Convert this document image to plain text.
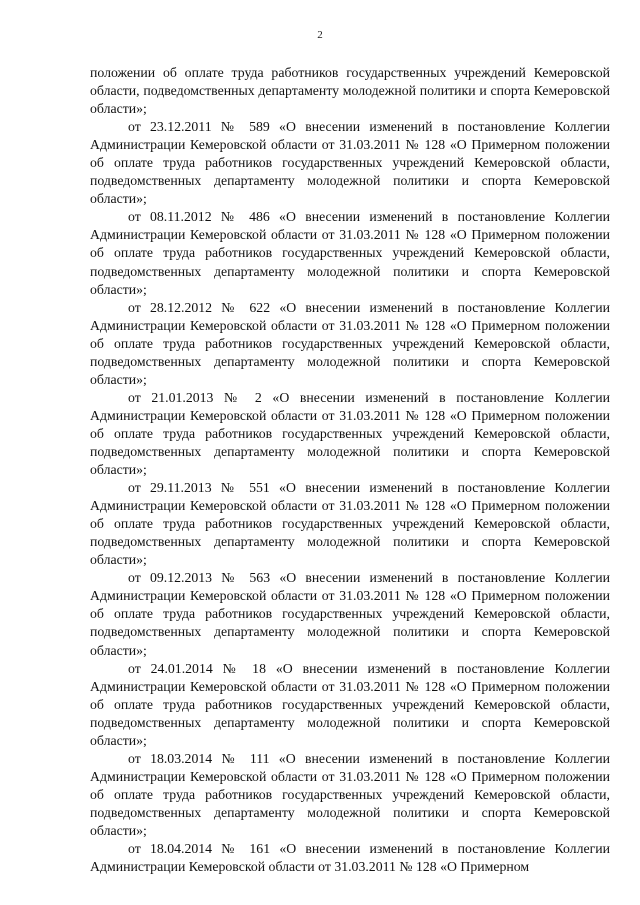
2

положении об оплате труда работников государственных учреждений Кемеровской области, подведомственных департаменту молодежной политики и спорта Кемеровской области»;

от 23.12.2011 № 589 «О внесении изменений в постановление Коллегии Администрации Кемеровской области от 31.03.2011 № 128 «О Примерном положении об оплате труда работников государственных учреждений Кемеровской области, подведомственных департаменту молодежной политики и спорта Кемеровской области»;

от 08.11.2012 № 486 «О внесении изменений в постановление Коллегии Администрации Кемеровской области от 31.03.2011 № 128 «О Примерном положении об оплате труда работников государственных учреждений Кемеровской области, подведомственных департаменту молодежной политики и спорта Кемеровской области»;

от 28.12.2012 № 622 «О внесении изменений в постановление Коллегии Администрации Кемеровской области от 31.03.2011 № 128 «О Примерном положении об оплате труда работников государственных учреждений Кемеровской области, подведомственных департаменту молодежной политики и спорта Кемеровской области»;

от 21.01.2013 № 2 «О внесении изменений в постановление Коллегии Администрации Кемеровской области от 31.03.2011 № 128 «О Примерном положении об оплате труда работников государственных учреждений Кемеровской области, подведомственных департаменту молодежной политики и спорта Кемеровской области»;

от 29.11.2013 № 551 «О внесении изменений в постановление Коллегии Администрации Кемеровской области от 31.03.2011 № 128 «О Примерном положении об оплате труда работников государственных учреждений Кемеровской области, подведомственных департаменту молодежной политики и спорта Кемеровской области»;

от 09.12.2013 № 563 «О внесении изменений в постановление Коллегии Администрации Кемеровской области от 31.03.2011 № 128 «О Примерном положении об оплате труда работников государственных учреждений Кемеровской области, подведомственных департаменту молодежной политики и спорта Кемеровской области»;

от 24.01.2014 № 18 «О внесении изменений в постановление Коллегии Администрации Кемеровской области от 31.03.2011 № 128 «О Примерном положении об оплате труда работников государственных учреждений Кемеровской области, подведомственных департаменту молодежной политики и спорта Кемеровской области»;

от 18.03.2014 № 111 «О внесении изменений в постановление Коллегии Администрации Кемеровской области от 31.03.2011 № 128 «О Примерном положении об оплате труда работников государственных учреждений Кемеровской области, подведомственных департаменту молодежной политики и спорта Кемеровской области»;

от 18.04.2014 № 161 «О внесении изменений в постановление Коллегии Администрации Кемеровской области от 31.03.2011 № 128 «О Примерном
